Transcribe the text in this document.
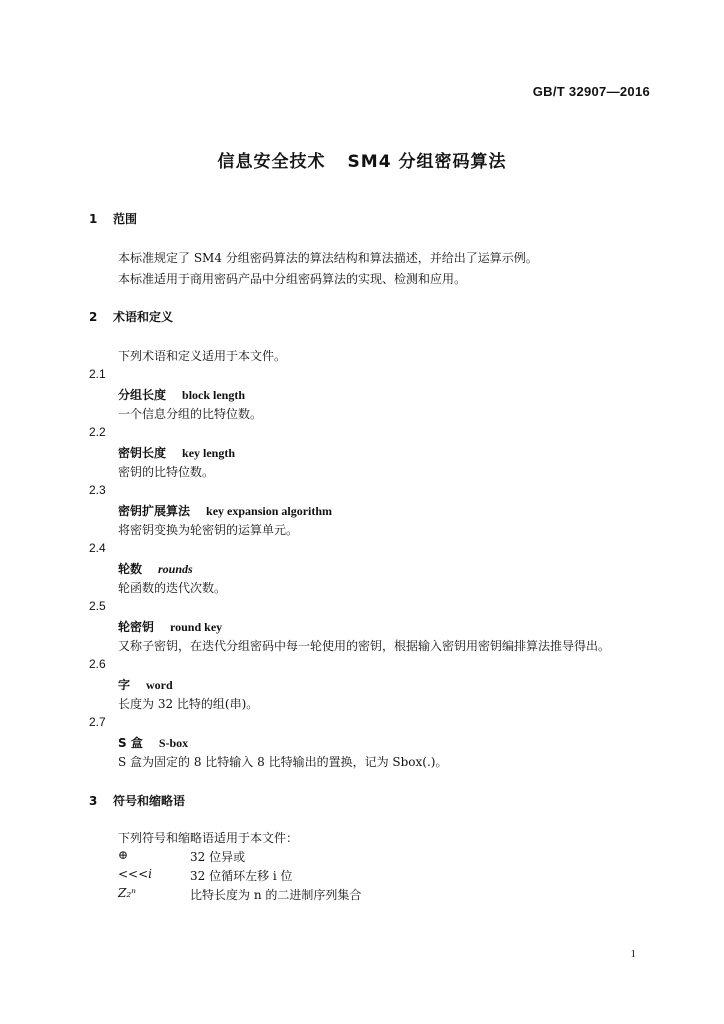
GB/T 32907—2016
信息安全技术 SM4 分组密码算法
1 范围
本标准规定了 SM4 分组密码算法的算法结构和算法描述，并给出了运算示例。
本标准适用于商用密码产品中分组密码算法的实现、检测和应用。
2 术语和定义
下列术语和定义适用于本文件。
2.1
分组长度 block length
一个信息分组的比特位数。
2.2
密钥长度 key length
密钥的比特位数。
2.3
密钥扩展算法 key expansion algorithm
将密钥变换为轮密钥的运算单元。
2.4
轮数 rounds
轮函数的迭代次数。
2.5
轮密钥 round key
又称子密钥，在迭代分组密码中每一轮使用的密钥，根据输入密钥用密钥编排算法推导得出。
2.6
字 word
长度为 32 比特的组(串)。
2.7
S 盒 S-box
S 盒为固定的 8 比特输入 8 比特输出的置换，记为 Sbox(.)。
3 符号和缩略语
下列符号和缩略语适用于本文件：
⊕	32 位异或
<<<i	32 位循环左移 i 位
Z₂ⁿ	比特长度为 n 的二进制序列集合
1
